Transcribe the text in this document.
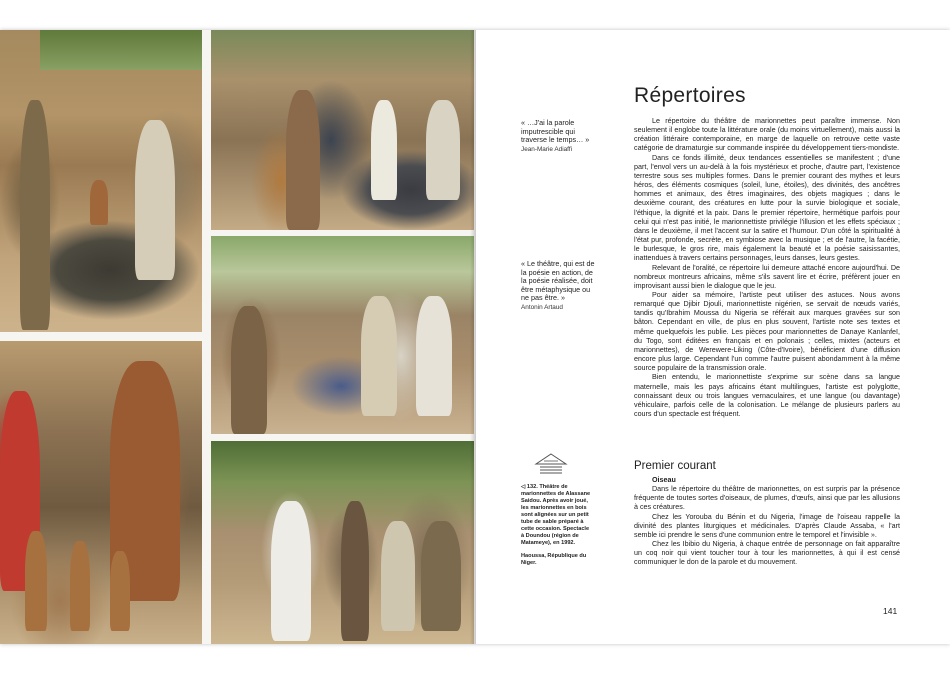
Répertoires
« …J'ai la parole imputrescible qui traverse le temps… »
Jean-Marie Adiaffi
« Le théâtre, qui est de la poésie en action, de la poésie réalisée, doit être métaphysique ou ne pas être. »
Antonin Artaud

Le répertoire du théâtre de marionnettes peut paraître immense. Non seulement il englobe toute la littérature orale (du moins virtuellement), mais aussi la création littéraire contemporaine, en marge de laquelle on retrouve cette vaste catégorie de dramaturgie sur commande inspirée du développement tiers-mondiste.

Dans ce fonds illimité, deux tendances essentielles se manifestent ; d'une part, l'envol vers un au-delà à la fois mystérieux et proche, d'autre part, l'existence terrestre sous ses multiples formes. Dans le premier courant des mythes et leurs héros, des éléments cosmiques (soleil, lune, étoiles), des divinités, des ancêtres hommes et animaux, des êtres imaginaires, des objets magiques ; dans le deuxième courant, des créatures en lutte pour la survie biologique et sociale, l'éthique, la dignité et la paix. Dans le premier répertoire, hermétique parfois pour celui qui n'est pas initié, le marionnettiste privilégie l'illusion et les effets spéciaux ; dans le deuxième, il met l'accent sur la satire et l'humour. D'un côté la spiritualité à l'état pur, profonde, secrète, en symbiose avec la musique ; et de l'autre, la facétie, le burlesque, le gros rire, mais également la beauté et la poésie saisissantes, inattendues à travers certains personnages, leurs danses, leurs gestes.

Relevant de l'oralité, ce répertoire lui demeure attaché encore aujourd'hui. De nombreux montreurs africains, même s'ils savent lire et écrire, préfèrent jouer en improvisant aussi bien le dialogue que le jeu.

Pour aider sa mémoire, l'artiste peut utiliser des astuces. Nous avons remarqué que Djibir Djouli, marionnettiste nigérien, se servait de nœuds variés, tandis qu'Ibrahim Moussa du Nigeria se référait aux marques gravées sur son bâton. Cependant en ville, de plus en plus souvent, l'artiste note ses textes et même quelquefois les publie. Les pièces pour marionnettes de Danaye Kanlanfeï, du Togo, sont éditées en français et en polonais ; celles, mixtes (acteurs et marionnettes), de Werewere-Liking (Côte-d'Ivoire), bénéficient d'une diffusion encore plus large. Cependant l'un comme l'autre puisent abondamment à la même source populaire de la transmission orale.

Bien entendu, le marionnettiste s'exprime sur scène dans sa langue maternelle, mais les pays africains étant multilingues, l'artiste est polyglotte, connaissant deux ou trois langues vernaculaires, et une langue (ou davantage) véhiculaire, parfois celle de la colonisation. Le mélange de plusieurs parlers au cours d'un spectacle est fréquent.

◁ 132. Théâtre de marionnettes de Alassane Saidou. Après avoir joué, les marionnettes en bois sont alignées sur un petit tube de sable préparé à cette occasion. Spectacle à Doundou (région de Matameye), en 1992.
Haoussa, République du Niger.
Premier courant

Oiseau

Dans le répertoire du théâtre de marionnettes, on est surpris par la présence fréquente de toutes sortes d'oiseaux, de plumes, d'œufs, ainsi que par les allusions à ces créatures.

Chez les Yorouba du Bénin et du Nigeria, l'image de l'oiseau rappelle la divinité des plantes liturgiques et médicinales. D'après Claude Assaba, « l'art semble ici prendre le sens d'une communion entre le temporel et l'invisible ».

Chez les Ibibio du Nigeria, à chaque entrée de personnage on fait apparaître un coq noir qui vient toucher tour à tour les marionnettes, à qui il est censé communiquer le don de la parole et du mouvement.

141
